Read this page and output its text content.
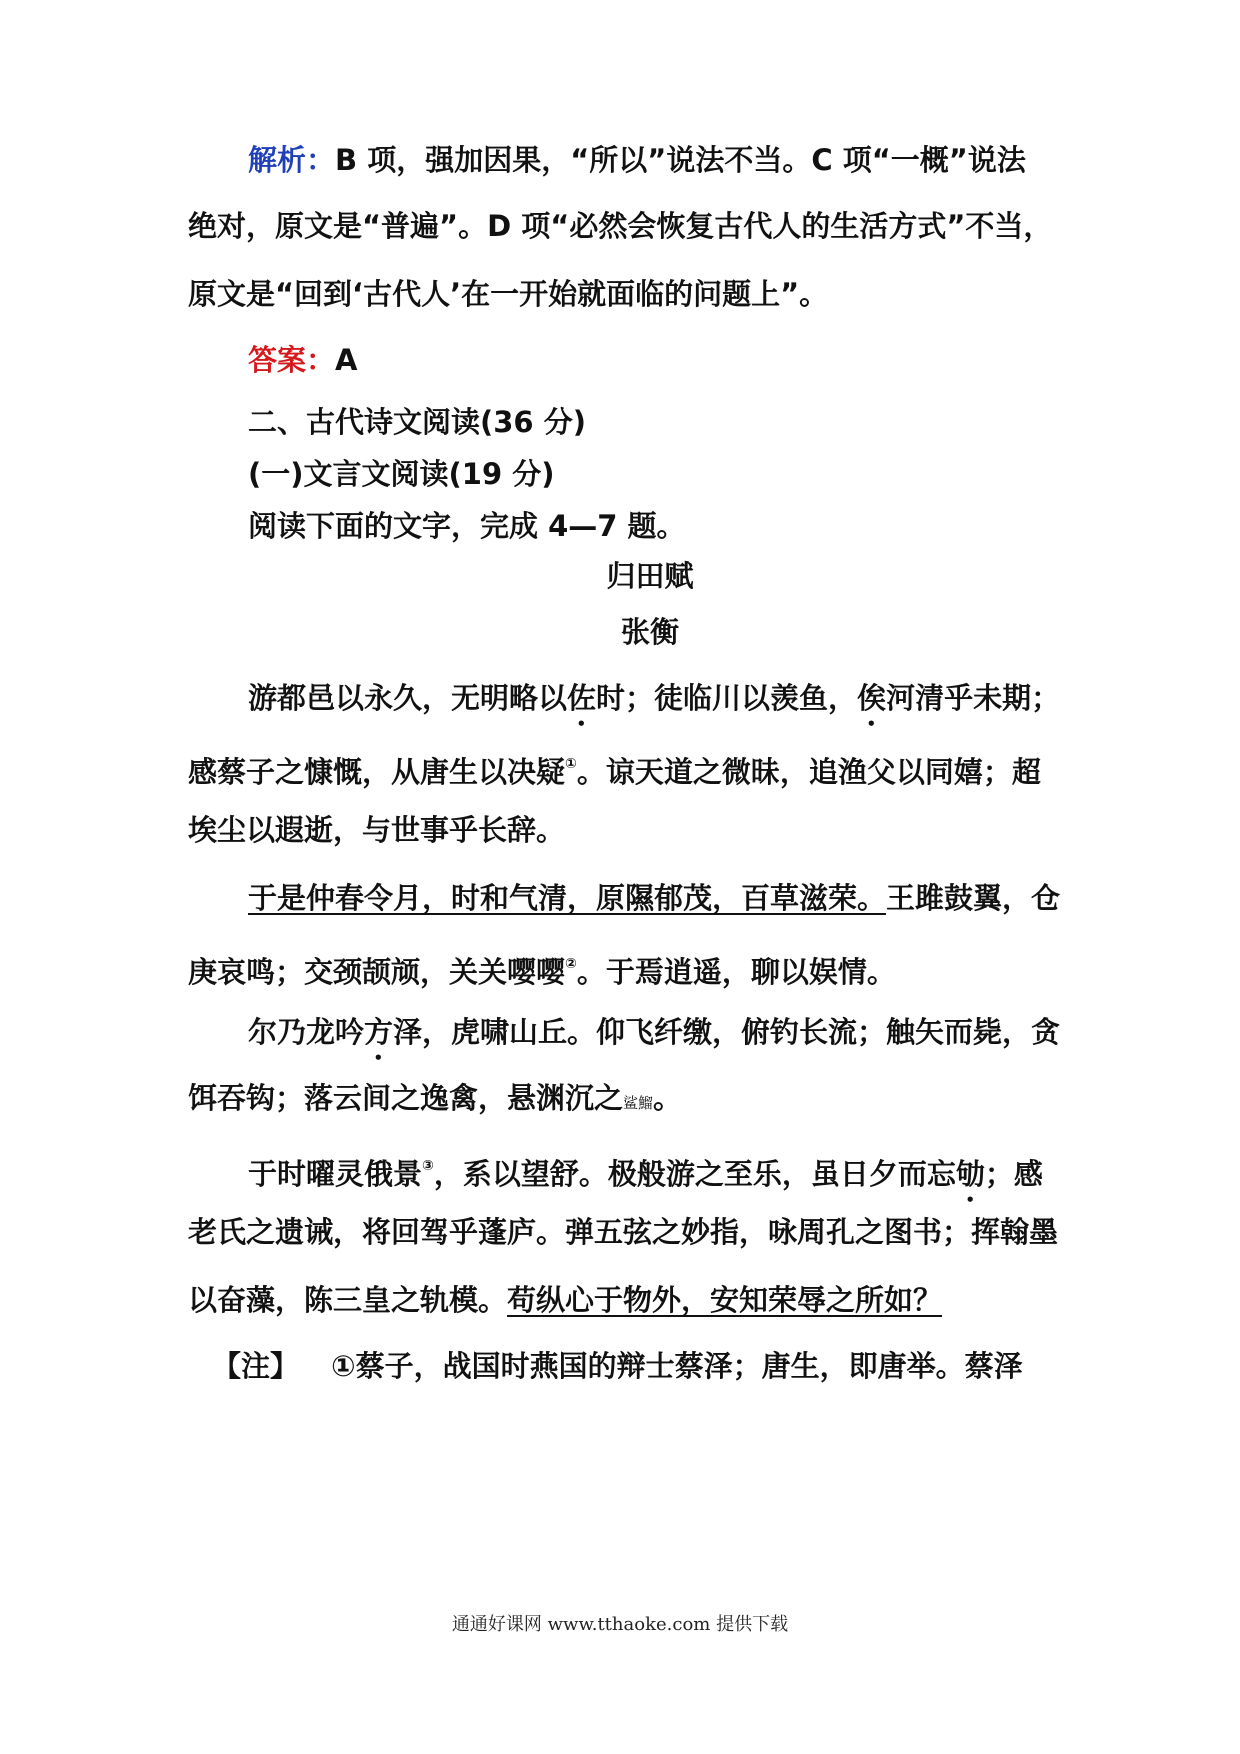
解析：B 项，强加因果，“所以”说法不当。C 项“一概”说法
绝对，原文是“普遍”。D 项“必然会恢复古代人的生活方式”不当，
原文是“回到‘古代人’在一开始就面临的问题上”。
答案：A
二、古代诗文阅读(36 分)
(一)文言文阅读(19 分)
阅读下面的文字，完成 4—7 题。
归田赋
张衡
游都邑以永久，无明略以佐时；徒临川以羡鱼，俟河清乎未期；
感蔡子之慷慨，从唐生以决疑①。谅天道之微昧，追渔父以同嬉；超
埃尘以遐逝，与世事乎长辞。
于是仲春令月，时和气清，原隰郁茂，百草滋荣。王雎鼓翼，仓
庚哀鸣；交颈颉颃，关关嘤嘤②。于焉逍遥，聊以娱情。
尔乃龙吟方泽，虎啸山丘。仰飞纤缴，俯钓长流；触矢而毙，贪
饵吞钩；落云间之逸禽，悬渊沉之鲨鰡。
于时曜灵俄景③，系以望舒。极般游之至乐，虽日夕而忘劬；感
老氏之遗诫，将回驾乎蓬庐。弹五弦之妙指，咏周孔之图书；挥翰墨
以奋藻，陈三皇之轨模。苟纵心于物外，安知荣辱之所如？
【注】 ①蔡子，战国时燕国的辩士蔡泽；唐生，即唐举。蔡泽
通通好课网 www.tthaoke.com 提供下载
